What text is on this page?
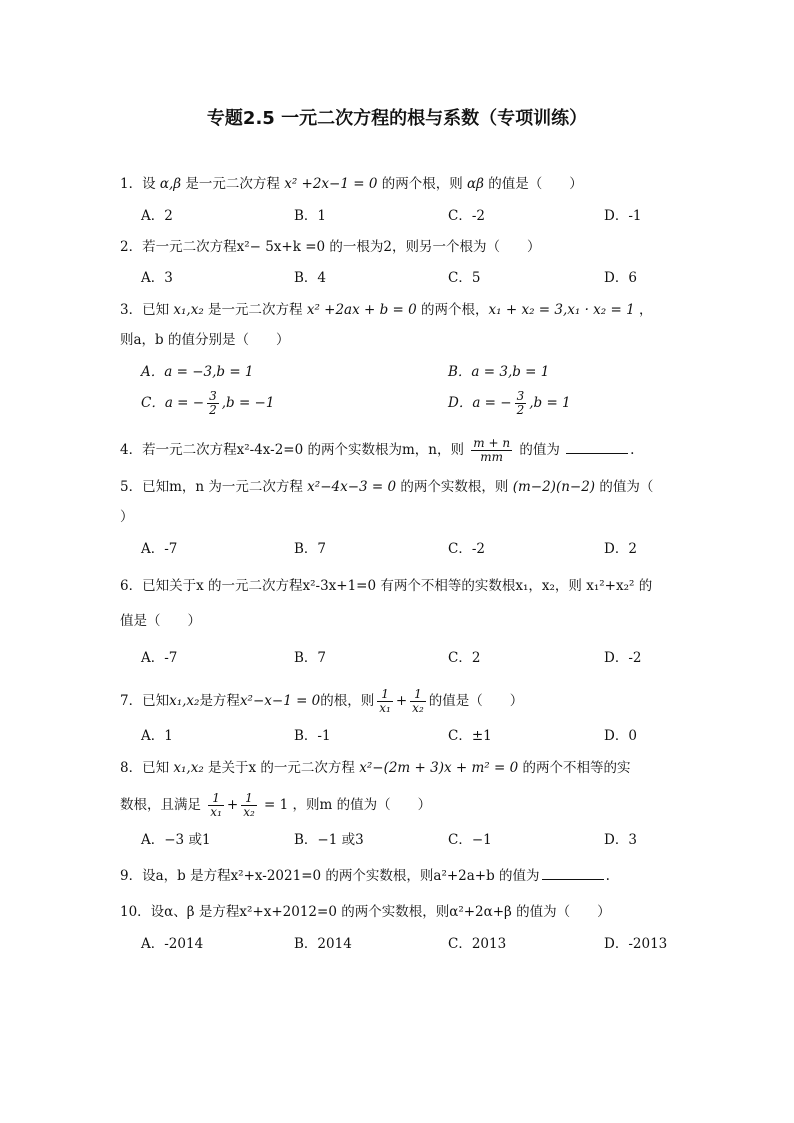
专题2.5 一元二次方程的根与系数（专项训练）
1．设 α,β 是一元二次方程 x² +2x−1 = 0 的两个根，则 αβ 的值是（　　）
A．2	B．1	C．-2	D．-1
2．若一元二次方程x²− 5x+k =0 的一根为2，则另一个根为（　　）
A．3	B．4	C．5	D．6
3．已知 x₁,x₂ 是一元二次方程 x² +2ax + b = 0 的两个根，x₁ + x₂ = 3,x₁ · x₂ = 1 ，
则a，b 的值分别是（　　）
A．a = −3,b = 1	B．a = 3,b = 1
C．a = − $\frac{3}{2} ,b = -1$	D．a = − $\frac{3}{2} ,b = 1$
4．若一元二次方程x²-4x-2=0 的两个实数根为m，n，则 $\frac{m + n}{mm}$ 的值为	.
5．已知m，n 为一元二次方程 x²−4x−3 = 0 的两个实数根，则 (m−2)(n−2) 的值为（
）
A．-7	B．7	C．-2	D．2
6．已知关于x 的一元二次方程x²-3x+1=0 有两个不相等的实数根x₁，x₂，则 x₁²+x₂² 的
值是（　　）
A．-7	B．7	C．2	D．-2
7．已知x₁,x₂是方程x²−x−1 = 0的根，则 $\frac{1}{\text{x₁}} + \frac{1}{\text{x₂}}$ 的值是（　　）
A．1	B．-1	C．±1	D．0
8．已知 x₁,x₂ 是关于x 的一元二次方程 x²−(2m + 3)x + m² = 0 的两个不相等的实
数根，且满足 $\frac{1}{\text{x₁}} + \frac{1}{\text{x₂}} = 1$ ，则m 的值为（　　）
A．−3 或1	B．−1 或3	C．−1	D．3
9．设a，b 是方程x²+x-2021=0 的两个实数根，则a²+2a+b 的值为	.
10．设α、β 是方程x²+x+2012=0 的两个实数根，则α²+2α+β 的值为（　　）
A．-2014	B．2014	C．2013	D．-2013
